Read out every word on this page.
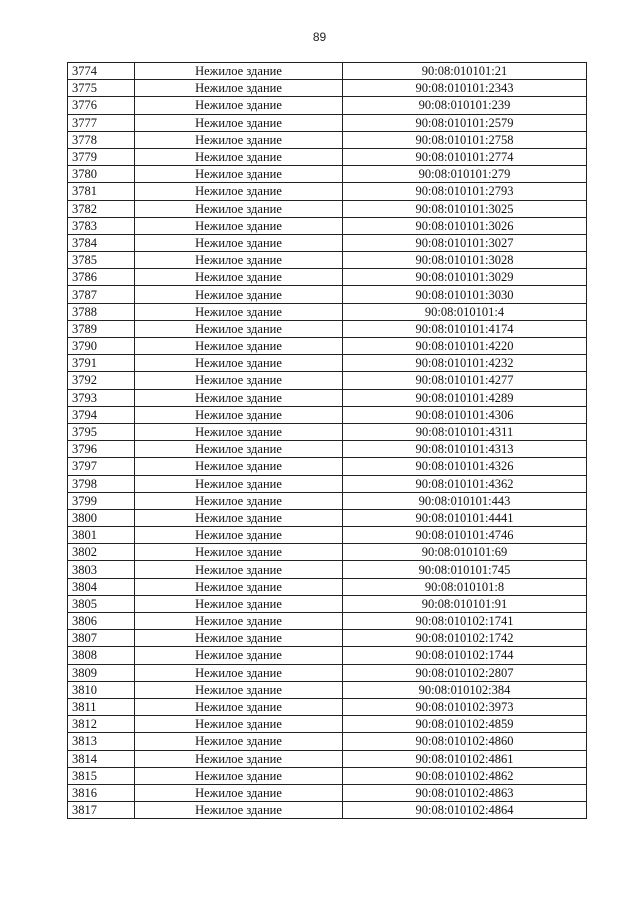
89
3774	Нежилое здание	90:08:010101:21
3775	Нежилое здание	90:08:010101:2343
3776	Нежилое здание	90:08:010101:239
3777	Нежилое здание	90:08:010101:2579
3778	Нежилое здание	90:08:010101:2758
3779	Нежилое здание	90:08:010101:2774
3780	Нежилое здание	90:08:010101:279
3781	Нежилое здание	90:08:010101:2793
3782	Нежилое здание	90:08:010101:3025
3783	Нежилое здание	90:08:010101:3026
3784	Нежилое здание	90:08:010101:3027
3785	Нежилое здание	90:08:010101:3028
3786	Нежилое здание	90:08:010101:3029
3787	Нежилое здание	90:08:010101:3030
3788	Нежилое здание	90:08:010101:4
3789	Нежилое здание	90:08:010101:4174
3790	Нежилое здание	90:08:010101:4220
3791	Нежилое здание	90:08:010101:4232
3792	Нежилое здание	90:08:010101:4277
3793	Нежилое здание	90:08:010101:4289
3794	Нежилое здание	90:08:010101:4306
3795	Нежилое здание	90:08:010101:4311
3796	Нежилое здание	90:08:010101:4313
3797	Нежилое здание	90:08:010101:4326
3798	Нежилое здание	90:08:010101:4362
3799	Нежилое здание	90:08:010101:443
3800	Нежилое здание	90:08:010101:4441
3801	Нежилое здание	90:08:010101:4746
3802	Нежилое здание	90:08:010101:69
3803	Нежилое здание	90:08:010101:745
3804	Нежилое здание	90:08:010101:8
3805	Нежилое здание	90:08:010101:91
3806	Нежилое здание	90:08:010102:1741
3807	Нежилое здание	90:08:010102:1742
3808	Нежилое здание	90:08:010102:1744
3809	Нежилое здание	90:08:010102:2807
3810	Нежилое здание	90:08:010102:384
3811	Нежилое здание	90:08:010102:3973
3812	Нежилое здание	90:08:010102:4859
3813	Нежилое здание	90:08:010102:4860
3814	Нежилое здание	90:08:010102:4861
3815	Нежилое здание	90:08:010102:4862
3816	Нежилое здание	90:08:010102:4863
3817	Нежилое здание	90:08:010102:4864
